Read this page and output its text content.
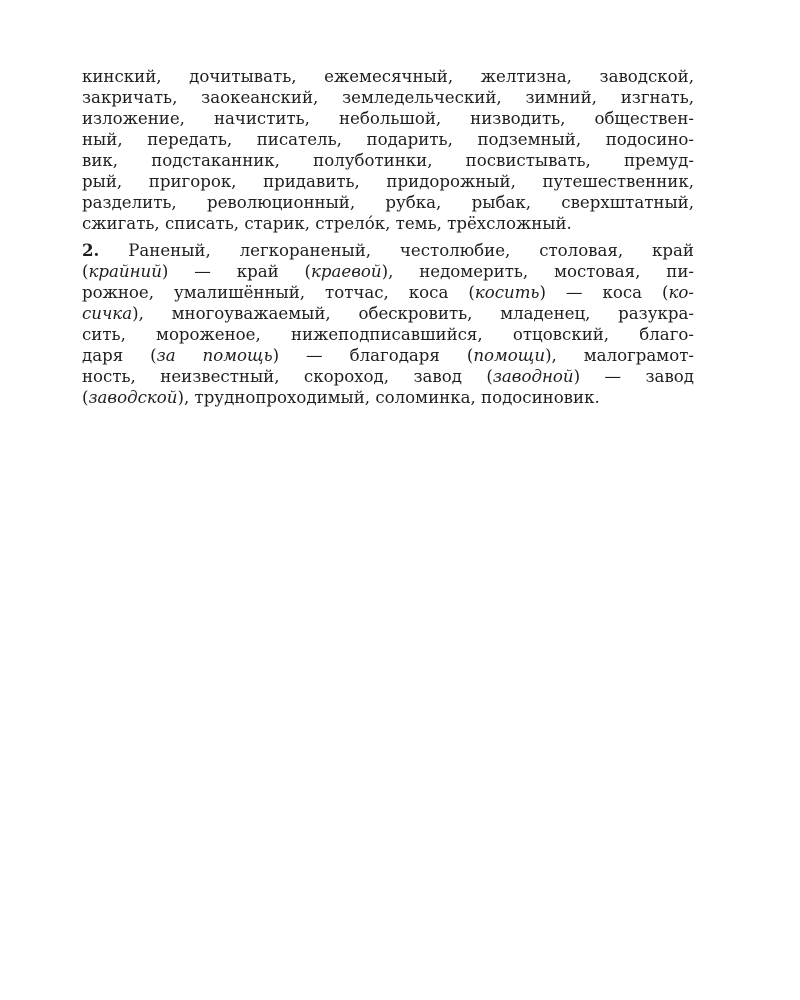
кинский, дочитывать, ежемесячный, желтизна, заводской,
закричать, заокеанский, земледельческий, зимний, изгнать,
изложение, начистить, небольшой, низводить, обществен-
ный, передать, писатель, подарить, подземный, подосино-
вик, подстаканник, полуботинки, посвистывать, премуд-
рый, пригорок, придавить, придорожный, путешественник,
разделить, революционный, рубка, рыбак, сверхштатный,
сжигать, списать, старик, стрело́к, темь, трёхсложный.
2. Раненый, легкораненый, честолюбие, столовая, край
(крайний) — край (краевой), недомерить, мостовая, пи-
рожное, умалишённый, тотчас, коса (косить) — коса (ко-
сичка), многоуважаемый, обескровить, младенец, разукра-
сить, мороженое, нижеподписавшийся, отцовский, благо-
даря (за помощь) — благодаря (помощи), малограмот-
ность, неизвестный, скороход, завод (заводной) — завод
(заводской), труднопроходимый, соломинка, подосиновик.
